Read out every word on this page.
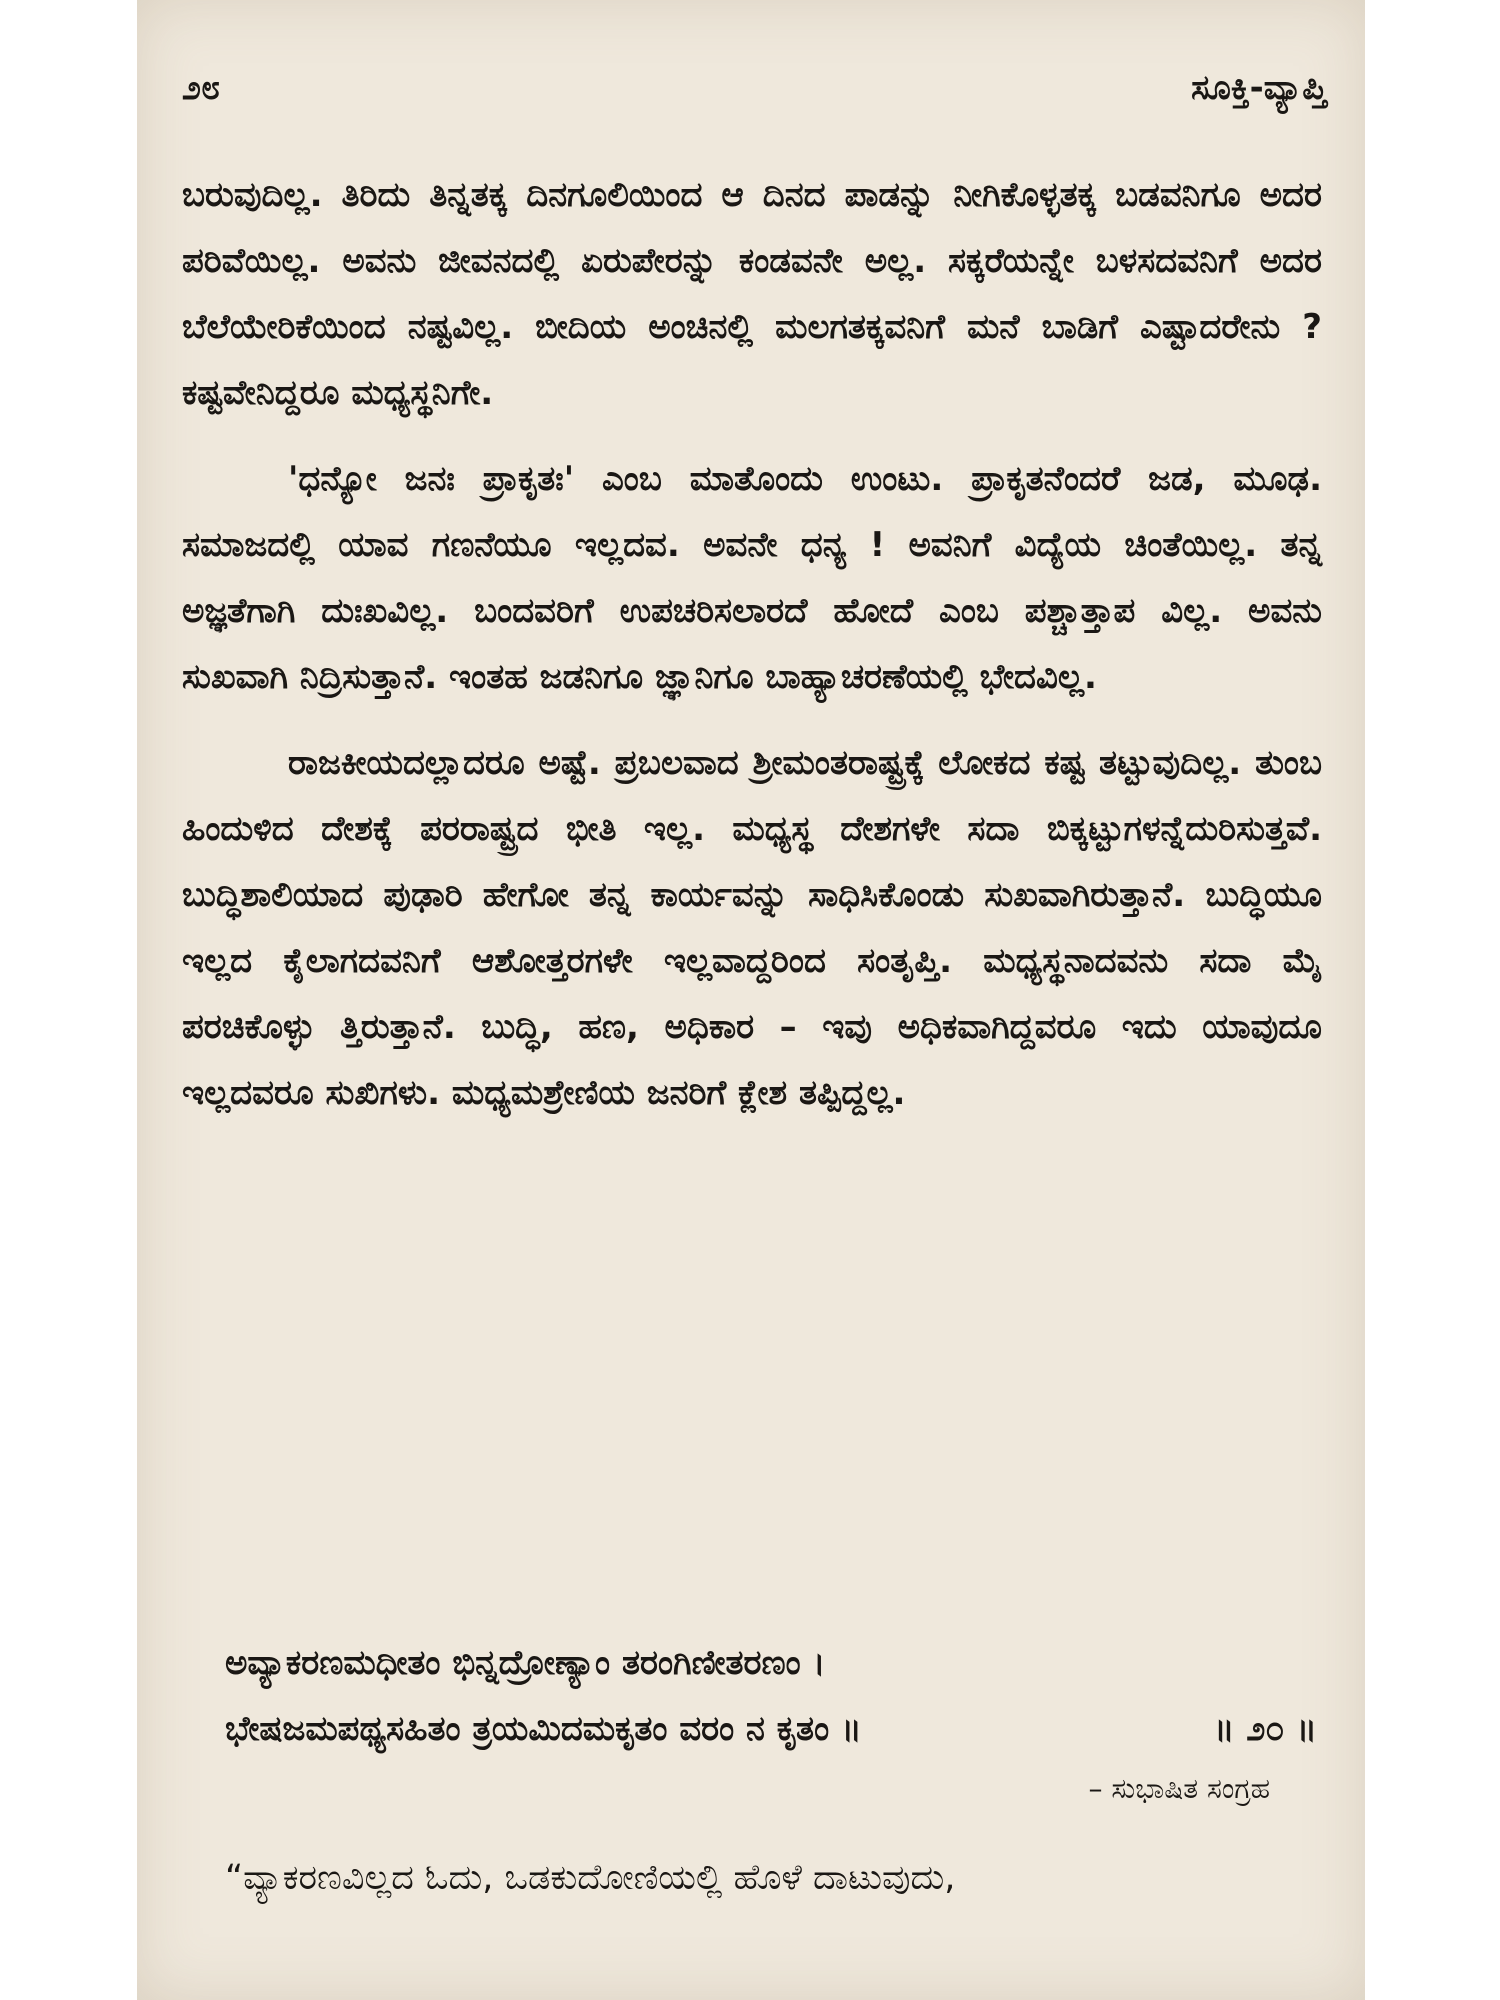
೨೮	ಸೂಕ್ತಿ-ವ್ಯಾಪ್ತಿ

ಬರುವುದಿಲ್ಲ. ತಿರಿದು ತಿನ್ನತಕ್ಕ ದಿನಗೂಲಿಯಿಂದ ಆ ದಿನದ ಪಾಡನ್ನು ನೀಗಿಕೊಳ್ಳತಕ್ಕ ಬಡವನಿಗೂ ಅದರ ಪರಿವೆಯಿಲ್ಲ. ಅವನು ಜೀವನದಲ್ಲಿ ಏರುಪೇರನ್ನು ಕಂಡವನೇ ಅಲ್ಲ. ಸಕ್ಕರೆಯನ್ನೇ ಬಳಸದವನಿಗೆ ಅದರ ಬೆಲೆಯೇರಿಕೆಯಿಂದ ನಷ್ಟವಿಲ್ಲ. ಬೀದಿಯ ಅಂಚಿನಲ್ಲಿ ಮಲಗತಕ್ಕವನಿಗೆ ಮನೆ ಬಾಡಿಗೆ ಎಷ್ಟಾದರೇನು ? ಕಷ್ಟವೇನಿದ್ದರೂ ಮಧ್ಯಸ್ಥನಿಗೇ.

'ಧನ್ಯೋ ಜನಃ ಪ್ರಾಕೃತಃ' ಎಂಬ ಮಾತೊಂದು ಉಂಟು. ಪ್ರಾಕೃತನೆಂದರೆ ಜಡ, ಮೂಢ. ಸಮಾಜದಲ್ಲಿ ಯಾವ ಗಣನೆಯೂ ಇಲ್ಲದವ. ಅವನೇ ಧನ್ಯ ! ಅವನಿಗೆ ವಿದ್ಯೆಯ ಚಿಂತೆಯಿಲ್ಲ. ತನ್ನ ಅಜ್ಞತೆಗಾಗಿ ದುಃಖವಿಲ್ಲ. ಬಂದವರಿಗೆ ಉಪಚರಿಸಲಾರದೆ ಹೋದೆ ಎಂಬ ಪಶ್ಚಾತ್ತಾಪ ವಿಲ್ಲ. ಅವನು ಸುಖವಾಗಿ ನಿದ್ರಿಸುತ್ತಾನೆ. ಇಂತಹ ಜಡನಿಗೂ ಜ್ಞಾನಿಗೂ ಬಾಹ್ಯಾಚರಣೆಯಲ್ಲಿ ಭೇದವಿಲ್ಲ.

ರಾಜಕೀಯದಲ್ಲಾದರೂ ಅಷ್ಟೆ. ಪ್ರಬಲವಾದ ಶ್ರೀಮಂತರಾಷ್ಟ್ರಕ್ಕೆ ಲೋಕದ ಕಷ್ಟ ತಟ್ಟುವುದಿಲ್ಲ. ತುಂಬ ಹಿಂದುಳಿದ ದೇಶಕ್ಕೆ ಪರರಾಷ್ಟ್ರದ ಭೀತಿ ಇಲ್ಲ. ಮಧ್ಯಸ್ಥ ದೇಶಗಳೇ ಸದಾ ಬಿಕ್ಕಟ್ಟುಗಳನ್ನೆದುರಿಸುತ್ತವೆ. ಬುದ್ಧಿಶಾಲಿಯಾದ ಪುಢಾರಿ ಹೇಗೋ ತನ್ನ ಕಾರ್ಯವನ್ನು ಸಾಧಿಸಿಕೊಂಡು ಸುಖವಾಗಿರುತ್ತಾನೆ. ಬುದ್ಧಿಯೂ ಇಲ್ಲದ ಕೈಲಾಗದವನಿಗೆ ಆಶೋತ್ತರಗಳೇ ಇಲ್ಲವಾದ್ದರಿಂದ ಸಂತೃಪ್ತಿ. ಮಧ್ಯಸ್ಥನಾದವನು ಸದಾ ಮೈ ಪರಚಿಕೊಳ್ಳು ತ್ತಿರುತ್ತಾನೆ. ಬುದ್ಧಿ, ಹಣ, ಅಧಿಕಾರ – ಇವು ಅಧಿಕವಾಗಿದ್ದವರೂ ಇದು ಯಾವುದೂ ಇಲ್ಲದವರೂ ಸುಖಿಗಳು. ಮಧ್ಯಮಶ್ರೇಣಿಯ ಜನರಿಗೆ ಕ್ಲೇಶ ತಪ್ಪಿದ್ದಲ್ಲ.

ಅವ್ಯಾಕರಣಮಧೀತಂ ಭಿನ್ನದ್ರೋಣ್ಯಾಂ ತರಂಗಿಣೀತರಣಂ ।
ಭೇಷಜಮಪಥ್ಯಸಹಿತಂ ತ್ರಯಮಿದಮಕೃತಂ ವರಂ ನ ಕೃತಂ ॥	॥ ೨೦ ॥
– ಸುಭಾಷಿತ ಸಂಗ್ರಹ
“ವ್ಯಾಕರಣವಿಲ್ಲದ ಓದು, ಒಡಕುದೋಣಿಯಲ್ಲಿ ಹೊಳೆ ದಾಟುವುದು,
